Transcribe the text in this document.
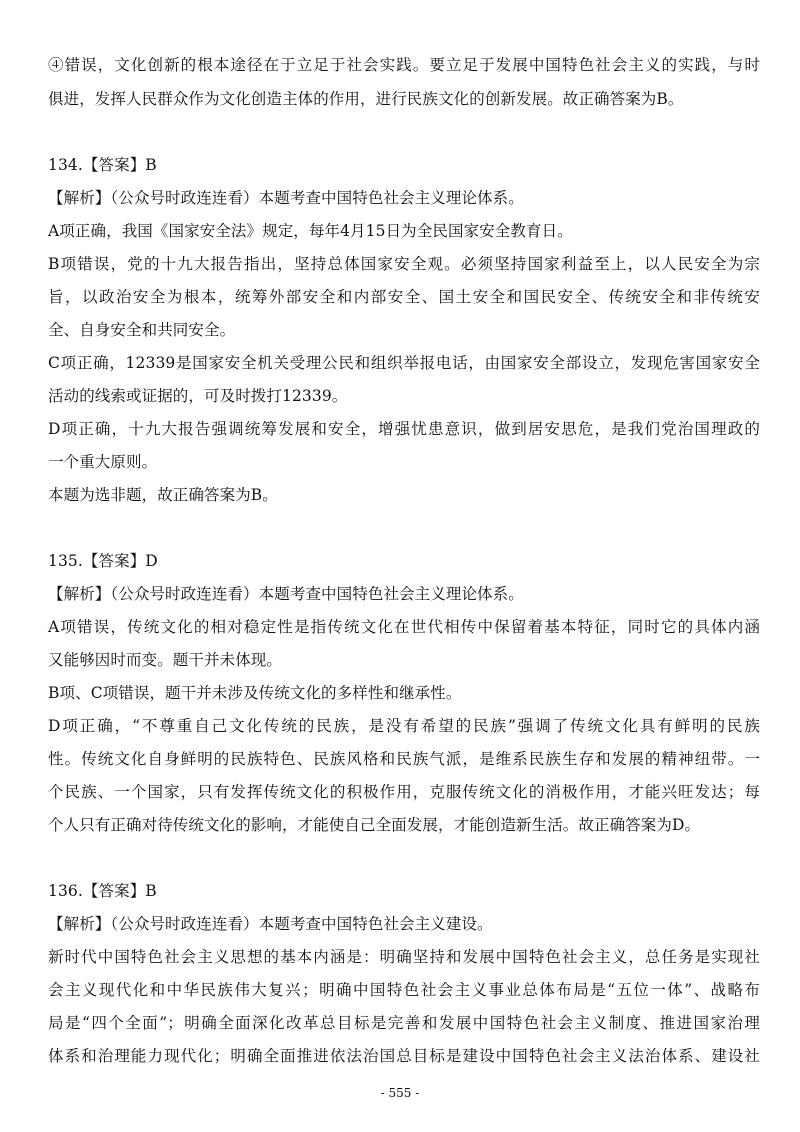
④错误，文化创新的根本途径在于立足于社会实践。要立足于发展中国特色社会主义的实践，与时
俱进，发挥人民群众作为文化创造主体的作用，进行民族文化的创新发展。故正确答案为B。
134.【答案】B
【解析】（公众号时政连连看）本题考查中国特色社会主义理论体系。
A项正确，我国《国家安全法》规定，每年4月15日为全民国家安全教育日。
B项错误，党的十九大报告指出，坚持总体国家安全观。必须坚持国家利益至上，以人民安全为宗
旨，以政治安全为根本，统筹外部安全和内部安全、国土安全和国民安全、传统安全和非传统安
全、自身安全和共同安全。
C项正确，12339是国家安全机关受理公民和组织举报电话，由国家安全部设立，发现危害国家安全
活动的线索或证据的，可及时拨打12339。
D项正确，十九大报告强调统筹发展和安全，增强忧患意识，做到居安思危，是我们党治国理政的
一个重大原则。
本题为选非题，故正确答案为B。
135.【答案】D
【解析】（公众号时政连连看）本题考查中国特色社会主义理论体系。
A项错误，传统文化的相对稳定性是指传统文化在世代相传中保留着基本特征，同时它的具体内涵
又能够因时而变。题干并未体现。
B项、C项错误，题干并未涉及传统文化的多样性和继承性。
D项正确，“不尊重自己文化传统的民族，是没有希望的民族”强调了传统文化具有鲜明的民族
性。传统文化自身鲜明的民族特色、民族风格和民族气派，是维系民族生存和发展的精神纽带。一
个民族、一个国家，只有发挥传统文化的积极作用，克服传统文化的消极作用，才能兴旺发达；每
个人只有正确对待传统文化的影响，才能使自己全面发展，才能创造新生活。故正确答案为D。
136.【答案】B
【解析】（公众号时政连连看）本题考查中国特色社会主义建设。
新时代中国特色社会主义思想的基本内涵是：明确坚持和发展中国特色社会主义，总任务是实现社
会主义现代化和中华民族伟大复兴；明确中国特色社会主义事业总体布局是“五位一体”、战略布
局是“四个全面”；明确全面深化改革总目标是完善和发展中国特色社会主义制度、推进国家治理
体系和治理能力现代化；明确全面推进依法治国总目标是建设中国特色社会主义法治体系、建设社
- 555 -
